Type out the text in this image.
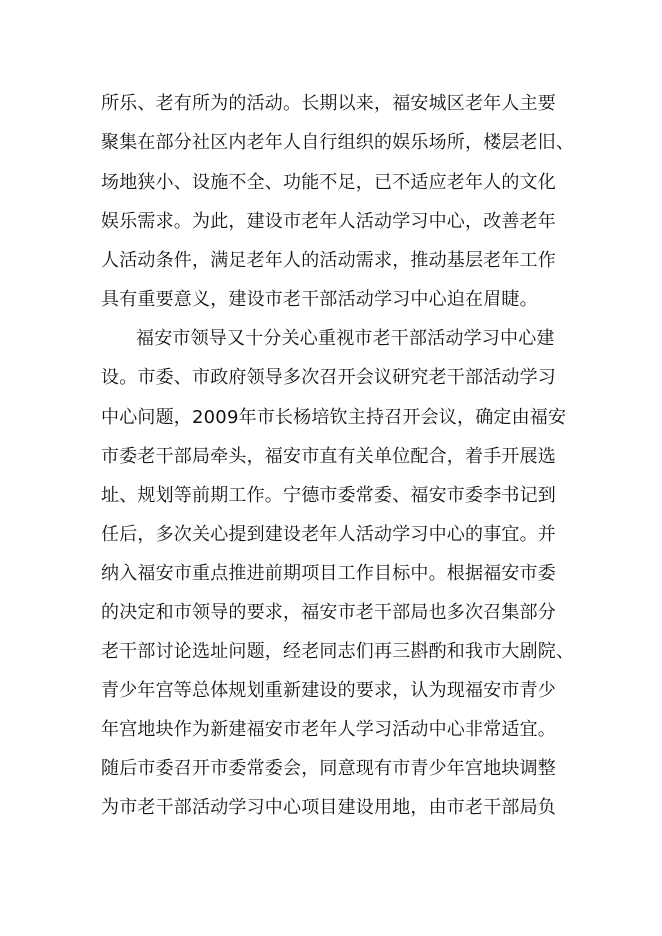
所乐、老有所为的活动。长期以来，福安城区老年人主要
聚集在部分社区内老年人自行组织的娱乐场所，楼层老旧、
场地狭小、设施不全、功能不足，已不适应老年人的文化
娱乐需求。为此，建设市老年人活动学习中心，改善老年
人活动条件，满足老年人的活动需求，推动基层老年工作
具有重要意义，建设市老干部活动学习中心迫在眉睫。
福安市领导又十分关心重视市老干部活动学习中心建
设。市委、市政府领导多次召开会议研究老干部活动学习
中心问题，2009年市长杨培钦主持召开会议，确定由福安
市委老干部局牵头，福安市直有关单位配合，着手开展选
址、规划等前期工作。宁德市委常委、福安市委李书记到
任后，多次关心提到建设老年人活动学习中心的事宜。并
纳入福安市重点推进前期项目工作目标中。根据福安市委
的决定和市领导的要求，福安市老干部局也多次召集部分
老干部讨论选址问题，经老同志们再三斟酌和我市大剧院、
青少年宫等总体规划重新建设的要求，认为现福安市青少
年宫地块作为新建福安市老年人学习活动中心非常适宜。
随后市委召开市委常委会，同意现有市青少年宫地块调整
为市老干部活动学习中心项目建设用地，由市老干部局负
